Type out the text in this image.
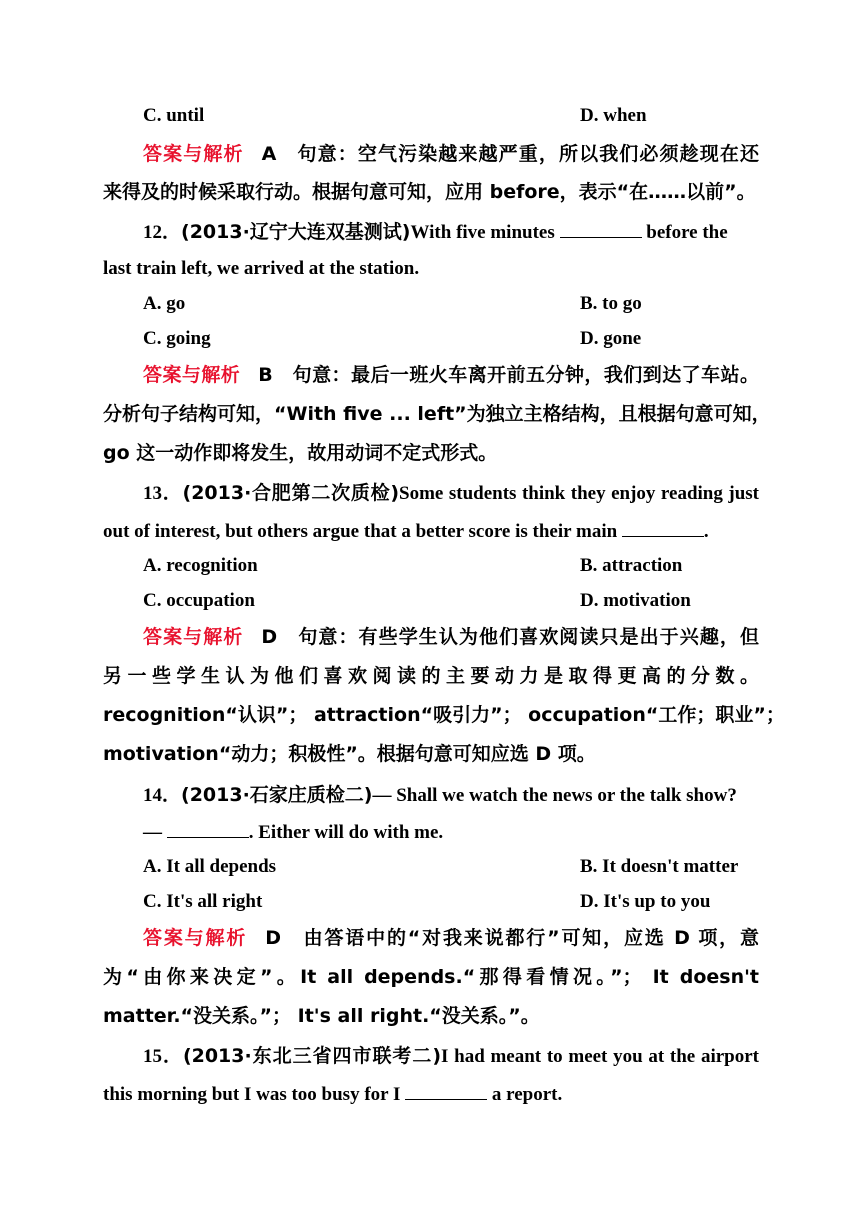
C. until	D. when
答案与解析 A　句意：空气污染越来越严重，所以我们必须趁现在还
来得及的时候采取行动。根据句意可知，应用 before，表示“在……以前”。
12．(2013·辽宁大连双基测试)With five minutes	before the
last train left, we arrived at the station.
A. go	B. to go
C. going	D. gone
答案与解析 B　句意：最后一班火车离开前五分钟，我们到达了车站。
分析句子结构可知，“With five ... left”为独立主格结构，且根据句意可知，
go 这一动作即将发生，故用动词不定式形式。
13．(2013·合肥第二次质检)Some students think they enjoy reading just
out of interest, but others argue that a better score is their main	.
A. recognition	B. attraction
C. occupation	D. motivation
答案与解析 D　句意：有些学生认为他们喜欢阅读只是出于兴趣，但
另一些学生认为他们喜欢阅读的主要动力是取得更高的分数。
recognition“认识”； attraction“吸引力”； occupation“工作；职业”；
motivation“动力；积极性”。根据句意可知应选 D 项。
14．(2013·石家庄质检二)— Shall we watch the news or the talk show?
—	. Either will do with me.
A. It all depends	B. It doesn't matter
C. It's all right	D. It's up to you
答案与解析 D　由答语中的“对我来说都行”可知，应选 D 项，意
为“由你来决定”。It all depends.“那得看情况。”； It doesn't
matter.“没关系。”； It's all right.“没关系。”。
15．(2013·东北三省四市联考二)I had meant to meet you at the airport
this morning but I was too busy for I	a report.
